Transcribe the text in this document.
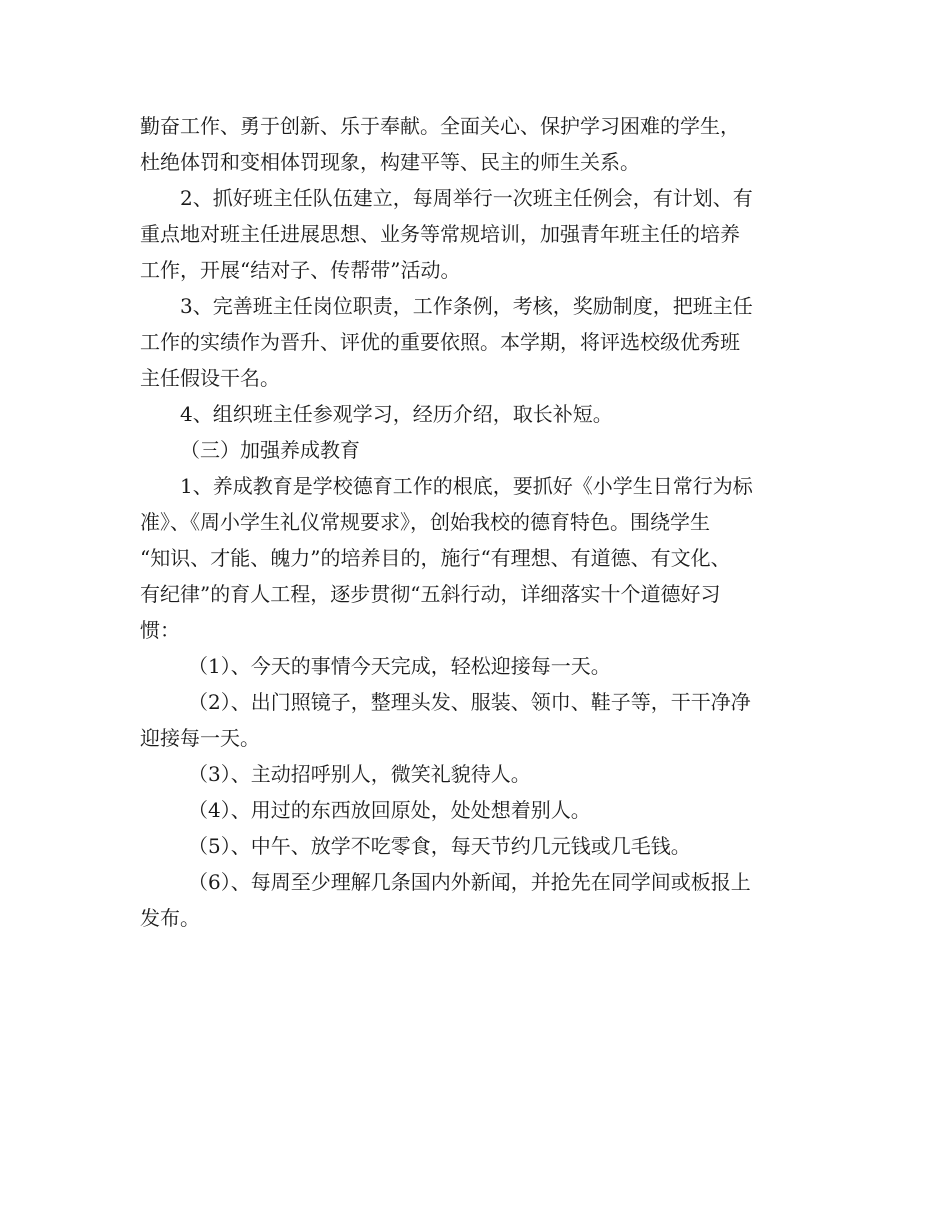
勤奋工作、勇于创新、乐于奉献。全面关心、保护学习困难的学生，
杜绝体罚和变相体罚现象，构建平等、民主的师生关系。

2、抓好班主任队伍建立，每周举行一次班主任例会，有计划、有
重点地对班主任进展思想、业务等常规培训，加强青年班主任的培养
工作，开展“结对子、传帮带”活动。

3、完善班主任岗位职责，工作条例，考核，奖励制度，把班主任
工作的实绩作为晋升、评优的重要依照。本学期，将评选校级优秀班
主任假设干名。

4、组织班主任参观学习，经历介绍，取长补短。

（三）加强养成教育

1、养成教育是学校德育工作的根底，要抓好《小学生日常行为标
准》、《周小学生礼仪常规要求》，创始我校的德育特色。围绕学生
“知识、才能、魄力”的培养目的，施行“有理想、有道德、有文化、
有纪律”的育人工程，逐步贯彻“五斜行动，详细落实十个道德好习
惯：

（1）、今天的事情今天完成，轻松迎接每一天。

（2）、出门照镜子，整理头发、服装、领巾、鞋子等，干干净净
迎接每一天。

（3）、主动招呼别人，微笑礼貌待人。

（4）、用过的东西放回原处，处处想着别人。

（5）、中午、放学不吃零食，每天节约几元钱或几毛钱。

（6）、每周至少理解几条国内外新闻，并抢先在同学间或板报上
发布。
